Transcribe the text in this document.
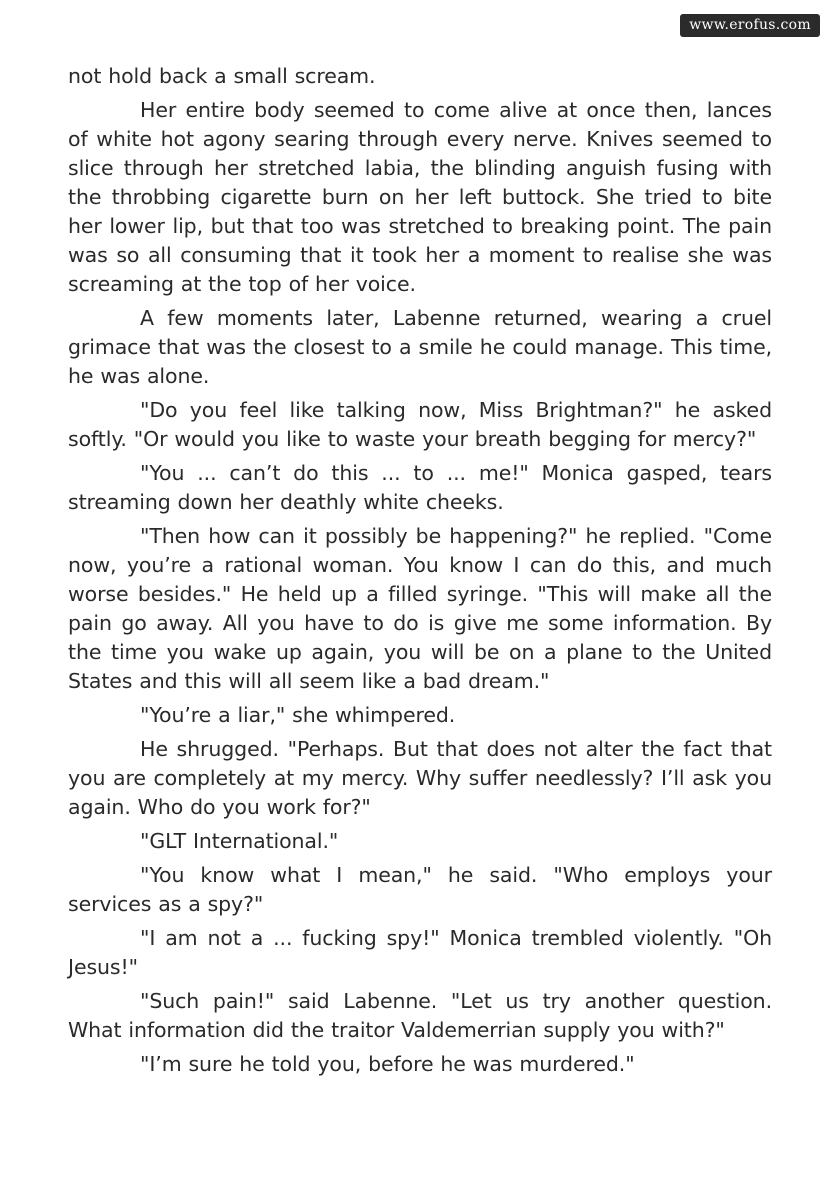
www.erofus.com

not hold back a small scream.

Her entire body seemed to come alive at once then, lances of white hot agony searing through every nerve. Knives seemed to slice through her stretched labia, the blinding anguish fusing with the throbbing cigarette burn on her left buttock. She tried to bite her lower lip, but that too was stretched to breaking point. The pain was so all consuming that it took her a moment to realise she was screaming at the top of her voice.

A few moments later, Labenne returned, wearing a cruel grimace that was the closest to a smile he could manage. This time, he was alone.

"Do you feel like talking now, Miss Brightman?" he asked softly. "Or would you like to waste your breath begging for mercy?"

"You ... can’t do this ... to ... me!" Monica gasped, tears streaming down her deathly white cheeks.

"Then how can it possibly be happening?" he replied. "Come now, you’re a rational woman. You know I can do this, and much worse besides." He held up a filled syringe. "This will make all the pain go away. All you have to do is give me some information. By the time you wake up again, you will be on a plane to the United States and this will all seem like a bad dream."

"You’re a liar," she whimpered.

He shrugged. "Perhaps. But that does not alter the fact that you are completely at my mercy. Why suffer needlessly? I’ll ask you again. Who do you work for?"

"GLT International."

"You know what I mean," he said. "Who employs your services as a spy?"

"I am not a ... fucking spy!" Monica trembled violently. "Oh Jesus!"

"Such pain!" said Labenne. "Let us try another question. What information did the traitor Valdemerrian supply you with?"

"I’m sure he told you, before he was murdered."
